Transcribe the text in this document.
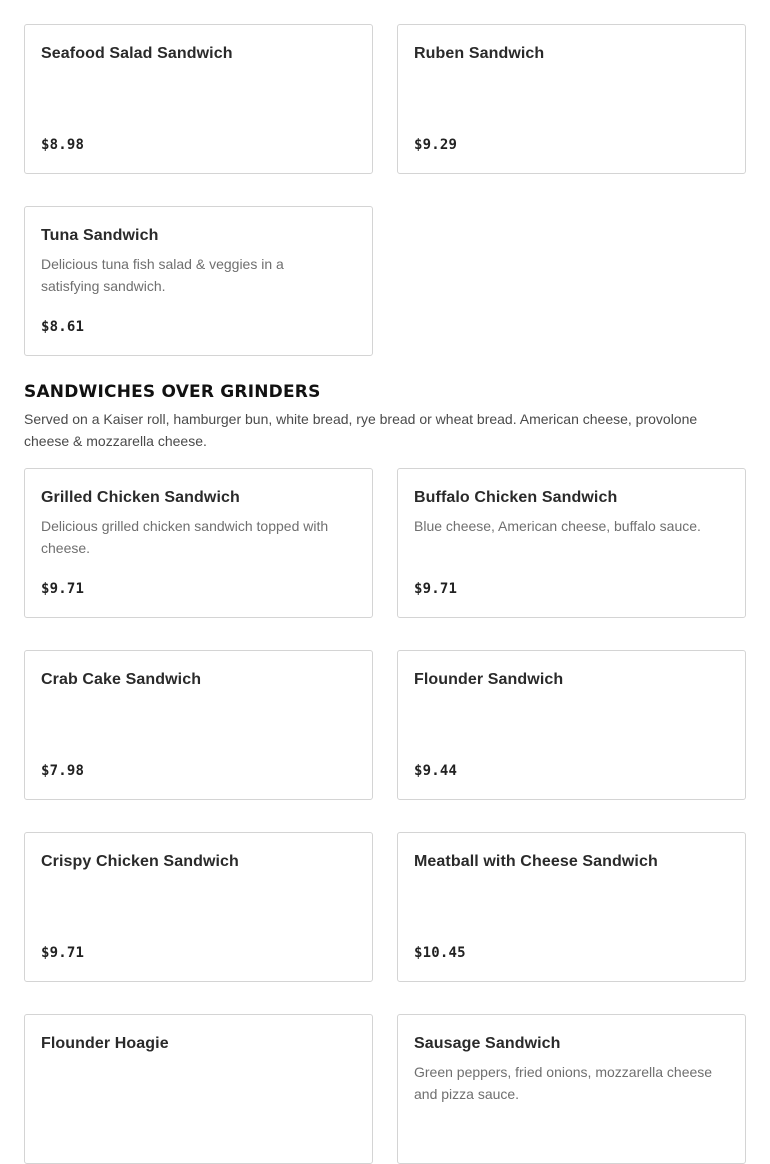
Seafood Salad Sandwich
$8.98
Ruben Sandwich
$9.29
Tuna Sandwich
Delicious tuna fish salad & veggies in a satisfying sandwich.
$8.61
SANDWICHES OVER GRINDERS

Served on a Kaiser roll, hamburger bun, white bread, rye bread or wheat bread. American cheese, provolone cheese & mozzarella cheese.

Grilled Chicken Sandwich
Delicious grilled chicken sandwich topped with cheese.
$9.71
Buffalo Chicken Sandwich
Blue cheese, American cheese, buffalo sauce.
$9.71
Crab Cake Sandwich
$7.98
Flounder Sandwich
$9.44
Crispy Chicken Sandwich
$9.71
Meatball with Cheese Sandwich
$10.45
Flounder Hoagie	Sausage Sandwich
Green peppers, fried onions, mozzarella cheese and pizza sauce.
